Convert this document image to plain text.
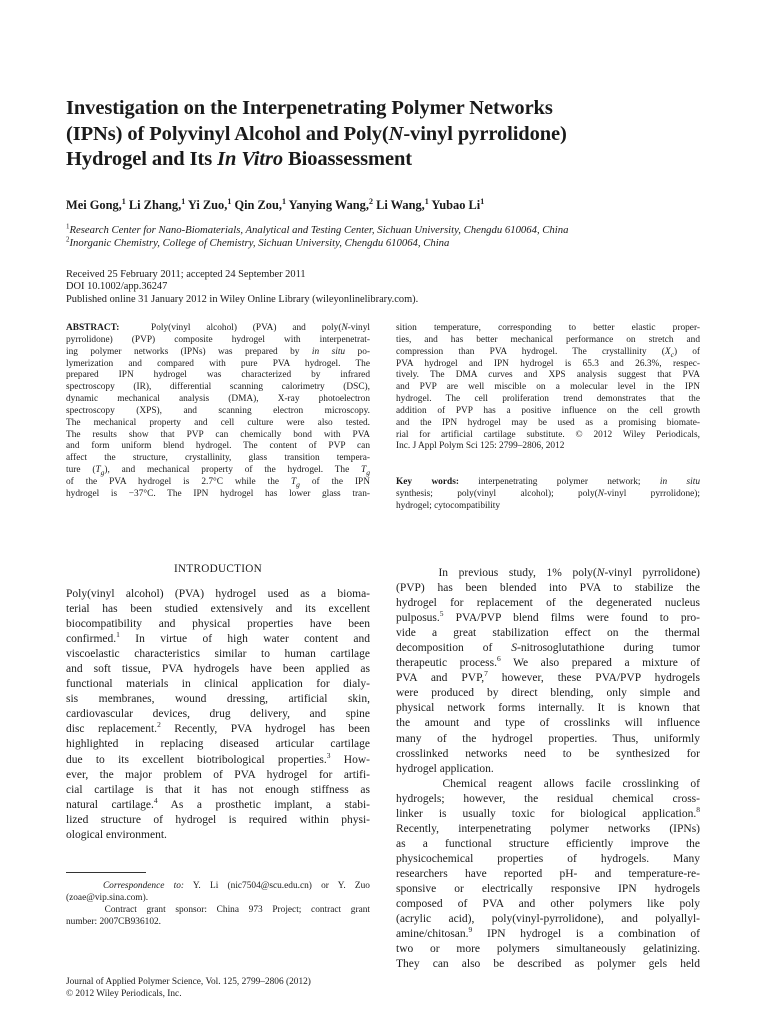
Investigation on the Interpenetrating Polymer Networks
(IPNs) of Polyvinyl Alcohol and Poly(N-vinyl pyrrolidone)
Hydrogel and Its In Vitro Bioassessment

Mei Gong,$^1$ Li Zhang,$^1$ Yi Zuo,$^1$ Qin Zou,$^1$ Yanying Wang,$^2$ Li Wang,$^1$ Yubao Li$^1$

$^1$Research Center for Nano-Biomaterials, Analytical and Testing Center, Sichuan University, Chengdu 610064, China
$^2$Inorganic Chemistry, College of Chemistry, Sichuan University, Chengdu 610064, China
Received 25 February 2011; accepted 24 September 2011
DOI 10.1002/app.36247
Published online 31 January 2012 in Wiley Online Library (wileyonlinelibrary.com).
ABSTRACT:  Poly(vinyl alcohol) (PVA) and poly(N-vinyl
pyrrolidone) (PVP) composite hydrogel with interpenetrat-
ing polymer networks (IPNs) was prepared by in situ po-
lymerization and compared with pure PVA hydrogel. The
prepared IPN hydrogel was characterized by infrared
spectroscopy (IR), differential scanning calorimetry (DSC),
dynamic mechanical analysis (DMA), X-ray photoelectron
spectroscopy (XPS), and scanning electron microscopy.
The mechanical property and cell culture were also tested.
The results show that PVP can chemically bond with PVA
and form uniform blend hydrogel. The content of PVP can
affect the structure, crystallinity, glass transition tempera-
ture $(T_g)$, and mechanical property of the hydrogel. The $T_g$
of the PVA hydrogel is 2.7°C while the $T_g$ of the IPN
hydrogel is −37°C. The IPN hydrogel has lower glass tran-
sition temperature, corresponding to better elastic proper-
ties, and has better mechanical performance on stretch and
compression than PVA hydrogel. The crystallinity $(X_c)$ of
PVA hydrogel and IPN hydrogel is 65.3 and 26.3%, respec-
tively. The DMA curves and XPS analysis suggest that PVA
and PVP are well miscible on a molecular level in the IPN
hydrogel. The cell proliferation trend demonstrates that the
addition of PVP has a positive influence on the cell growth
and the IPN hydrogel may be used as a promising biomate-
rial for artificial cartilage substitute. © 2012 Wiley Periodicals,
Inc. J Appl Polym Sci 125: 2799–2806, 2012
Key words: interpenetrating polymer network; in situ
synthesis; poly(vinyl alcohol); poly(N-vinyl pyrrolidone);
hydrogel; cytocompatibility
INTRODUCTION
Poly(vinyl alcohol) (PVA) hydrogel used as a bioma-
terial has been studied extensively and its excellent
biocompatibility and physical properties have been
confirmed.$^1$ In virtue of high water content and
viscoelastic characteristics similar to human cartilage
and soft tissue, PVA hydrogels have been applied as
functional materials in clinical application for dialy-
sis membranes, wound dressing, artificial skin,
cardiovascular devices, drug delivery, and spine
disc replacement.$^2$ Recently, PVA hydrogel has been
highlighted in replacing diseased articular cartilage
due to its excellent biotribological properties.$^3$ How-
ever, the major problem of PVA hydrogel for artifi-
cial cartilage is that it has not enough stiffness as
natural cartilage.$^4$ As a prosthetic implant, a stabi-
lized structure of hydrogel is required within physi-
ological environment.
In previous study, 1% poly(N-vinyl pyrrolidone)
(PVP) has been blended into PVA to stabilize the
hydrogel for replacement of the degenerated nucleus
pulposus.$^5$ PVA/PVP blend films were found to pro-
vide a great stabilization effect on the thermal
decomposition of S-nitrosoglutathione during tumor
therapeutic process.$^6$ We also prepared a mixture of
PVA and PVP,$^7$ however, these PVA/PVP hydrogels
were produced by direct blending, only simple and
physical network forms internally. It is known that
the amount and type of crosslinks will influence
many of the hydrogel properties. Thus, uniformly
crosslinked networks need to be synthesized for
hydrogel application.
Chemical reagent allows facile crosslinking of
hydrogels; however, the residual chemical cross-
linker is usually toxic for biological application.$^8$
Recently, interpenetrating polymer networks (IPNs)
as a functional structure efficiently improve the
physicochemical properties of hydrogels. Many
researchers have reported pH- and temperature-re-
sponsive or electrically responsive IPN hydrogels
composed of PVA and other polymers like poly
(acrylic acid), poly(vinyl-pyrrolidone), and polyallyl-
amine/chitosan.$^9$ IPN hydrogel is a combination of
two or more polymers simultaneously gelatinizing.
They can also be described as polymer gels held
Correspondence to: Y. Li (nic7504@scu.edu.cn) or Y. Zuo
(zoae@vip.sina.com).
Contract grant sponsor: China 973 Project; contract grant
number: 2007CB936102.
Journal of Applied Polymer Science, Vol. 125, 2799–2806 (2012)
© 2012 Wiley Periodicals, Inc.
